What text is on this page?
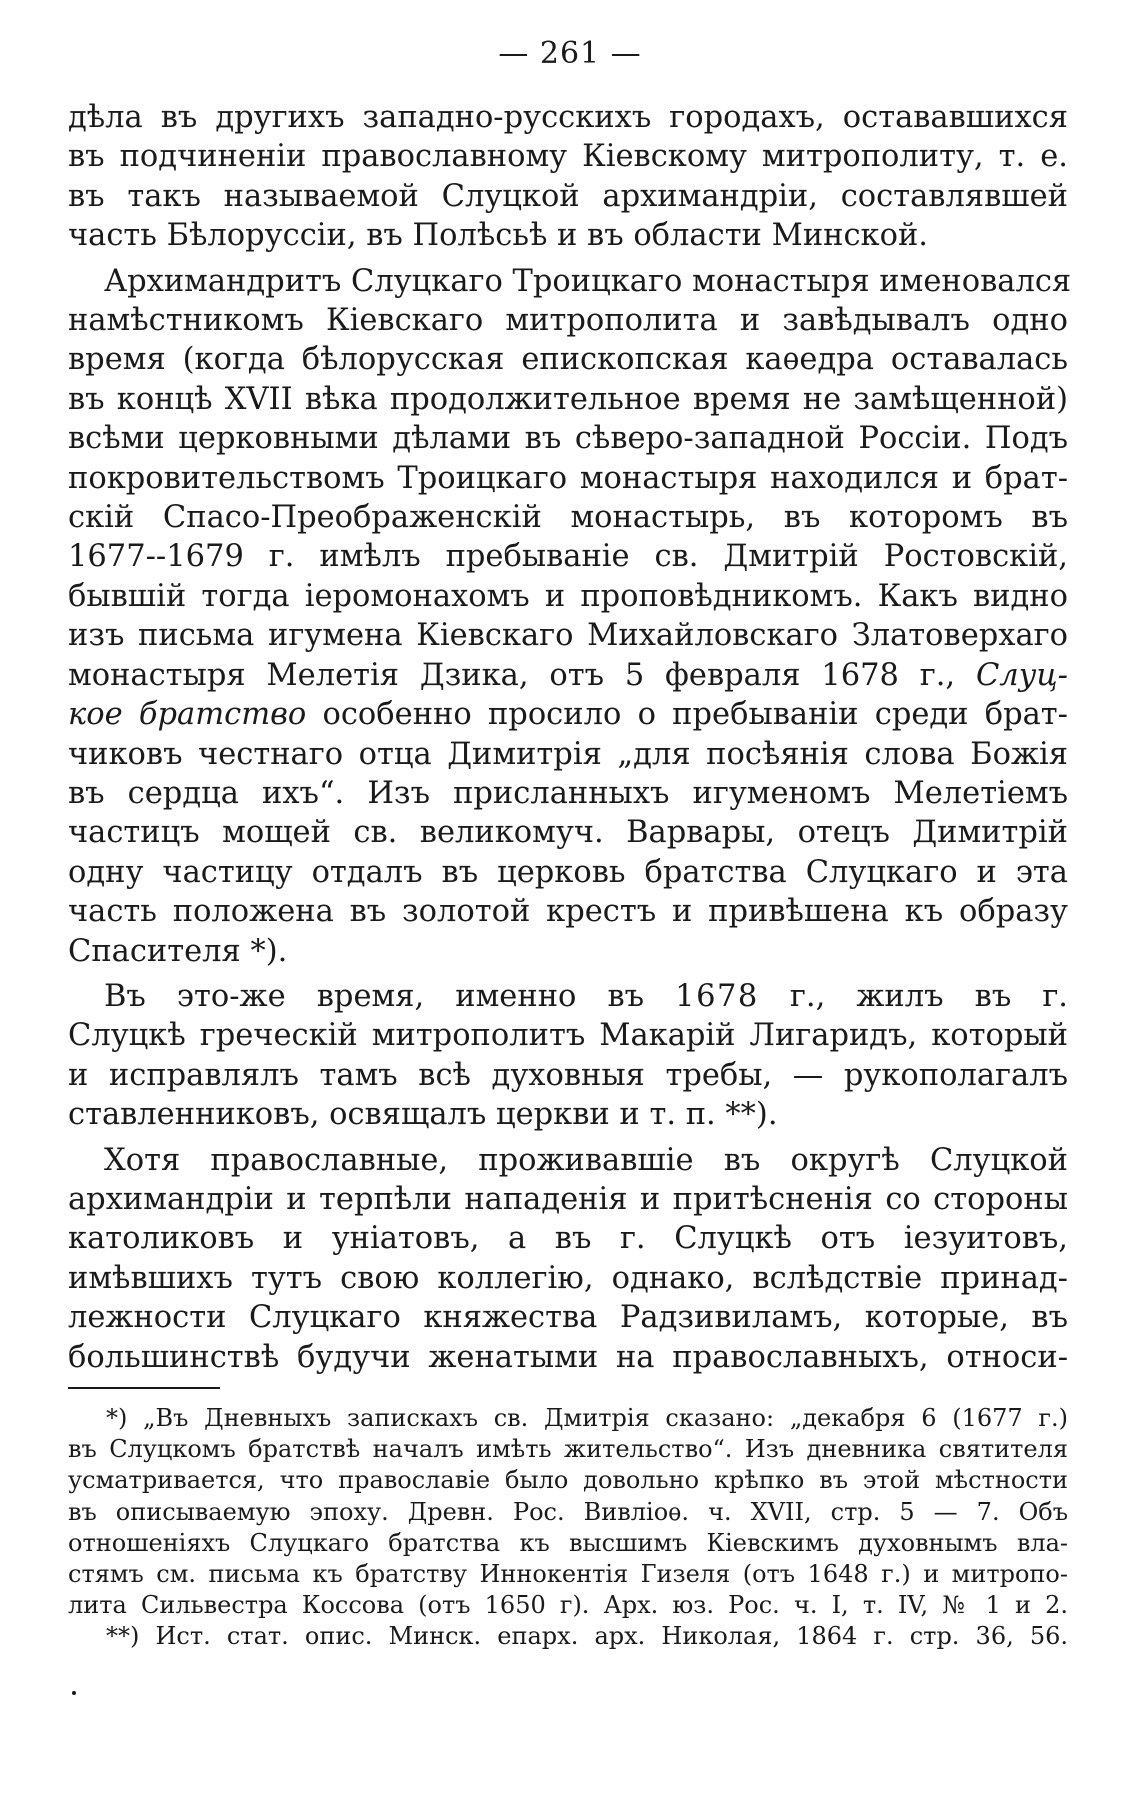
— 261 —
дѣла въ другихъ западно-русскихъ городахъ, остававшихся
въ подчиненіи православному Кіевскому митрополиту, т. е.
въ такъ называемой Слуцкой архимандріи, составлявшей
часть Бѣлоруссіи, въ Полѣсьѣ и въ области Минской.
Архимандритъ Слуцкаго Троицкаго монастыря именовался
намѣстникомъ Кіевскаго митрополита и завѣдывалъ одно
время (когда бѣлорусская епископская каѳедра оставалась
въ концѣ XVII вѣка продолжительное время не замѣщенной)
всѣми церковными дѣлами въ сѣверо-западной Россіи. Подъ
покровительствомъ Троицкаго монастыря находился и брат-
скій Спасо-Преображенскій монастырь, въ которомъ въ
1677--1679 г. имѣлъ пребываніе св. Дмитрій Ростовскій,
бывшій тогда іеромонахомъ и проповѣдникомъ. Какъ видно
изъ письма игумена Кіевскаго Михайловскаго Златоверхаго
монастыря Мелетія Дзика, отъ 5 февраля 1678 г., Слуц-
кое братство особенно просило о пребываніи среди брат-
чиковъ честнаго отца Димитрія „для посѣянія слова Божія
въ сердца ихъ“. Изъ присланныхъ игуменомъ Мелетіемъ
частицъ мощей св. великомуч. Варвары, отецъ Димитрій
одну частицу отдалъ въ церковь братства Слуцкаго и эта
часть положена въ золотой крестъ и привѣшена къ образу
Спасителя *).
Въ это-же время, именно въ 1678 г., жилъ въ г.
Слуцкѣ греческій митрополитъ Макарій Лигаридъ, который
и исправлялъ тамъ всѣ духовныя требы, — рукополагалъ
ставленниковъ, освящалъ церкви и т. п. **).
Хотя православные, проживавшіе въ округѣ Слуцкой
архимандріи и терпѣли нападенія и притѣсненія со стороны
католиковъ и уніатовъ, а въ г. Слуцкѣ отъ іезуитовъ,
имѣвшихъ тутъ свою коллегію, однако, вслѣдствіе принад-
лежности Слуцкаго княжества Радзивиламъ, которые, въ
большинствѣ будучи женатыми на православныхъ, относи-
*) „Въ Дневныхъ запискахъ св. Дмитрія сказано: „декабря 6 (1677 г.)
въ Слуцкомъ братствѣ началъ имѣть жительство“. Изъ дневника святителя
усматривается, что православіе было довольно крѣпко въ этой мѣстности
въ описываемую эпоху. Древн. Рос. Вивліоѳ. ч. XVII, стр. 5 — 7. Объ
отношеніяхъ Слуцкаго братства къ высшимъ Кіевскимъ духовнымъ вла-
стямъ см. письма къ братству Иннокентія Гизеля (отъ 1648 г.) и митропо-
лита Сильвестра Коссова (отъ 1650 г). Арх. юз. Рос. ч. I, т. IV, № 1 и 2.
**) Ист. стат. опис. Минск. епарх. арх. Николая, 1864 г. стр. 36, 56.
